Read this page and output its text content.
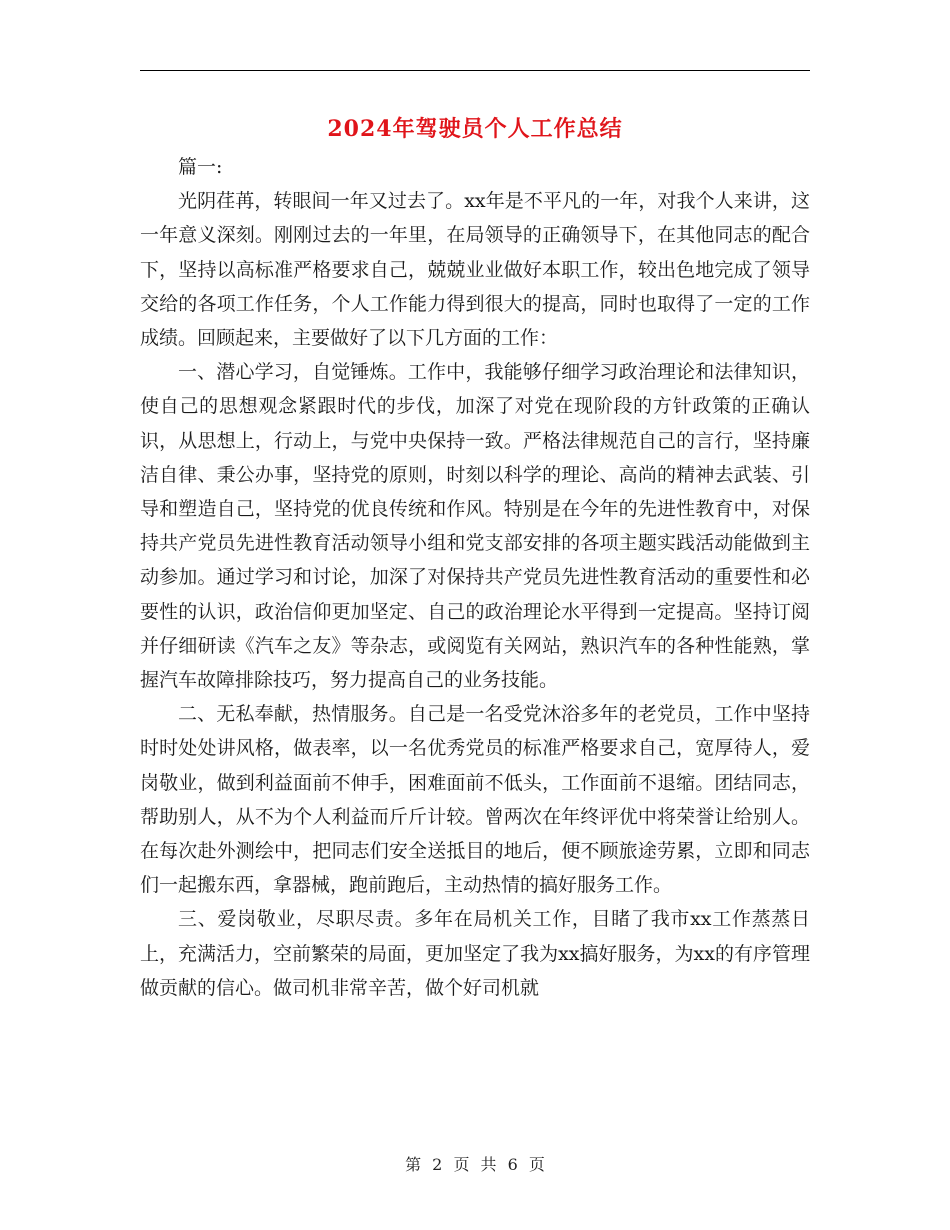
2024年驾驶员个人工作总结

篇一:

光阴荏苒，转眼间一年又过去了。xx年是不平凡的一年，对我个人来讲，这一年意义深刻。刚刚过去的一年里，在局领导的正确领导下，在其他同志的配合下，坚持以高标准严格要求自己，兢兢业业做好本职工作，较出色地完成了领导交给的各项工作任务，个人工作能力得到很大的提高，同时也取得了一定的工作成绩。回顾起来，主要做好了以下几方面的工作：

一、潜心学习，自觉锤炼。工作中，我能够仔细学习政治理论和法律知识，使自己的思想观念紧跟时代的步伐，加深了对党在现阶段的方针政策的正确认识，从思想上，行动上，与党中央保持一致。严格法律规范自己的言行，坚持廉洁自律、秉公办事，坚持党的原则，时刻以科学的理论、高尚的精神去武装、引导和塑造自己，坚持党的优良传统和作风。特别是在今年的先进性教育中，对保持共产党员先进性教育活动领导小组和党支部安排的各项主题实践活动能做到主动参加。通过学习和讨论，加深了对保持共产党员先进性教育活动的重要性和必要性的认识，政治信仰更加坚定、自己的政治理论水平得到一定提高。坚持订阅并仔细研读《汽车之友》等杂志，或阅览有关网站，熟识汽车的各种性能熟，掌握汽车故障排除技巧，努力提高自己的业务技能。

二、无私奉献，热情服务。自己是一名受党沐浴多年的老党员，工作中坚持时时处处讲风格，做表率，以一名优秀党员的标准严格要求自己，宽厚待人，爱岗敬业，做到利益面前不伸手，困难面前不低头，工作面前不退缩。团结同志，帮助别人，从不为个人利益而斤斤计较。曾两次在年终评优中将荣誉让给别人。在每次赴外测绘中，把同志们安全送抵目的地后，便不顾旅途劳累，立即和同志们一起搬东西，拿器械，跑前跑后，主动热情的搞好服务工作。

三、爱岗敬业，尽职尽责。多年在局机关工作，目睹了我市xx工作蒸蒸日上，充满活力，空前繁荣的局面，更加坚定了我为xx搞好服务，为xx的有序管理做贡献的信心。做司机非常辛苦，做个好司机就

第 2 页 共 6 页
